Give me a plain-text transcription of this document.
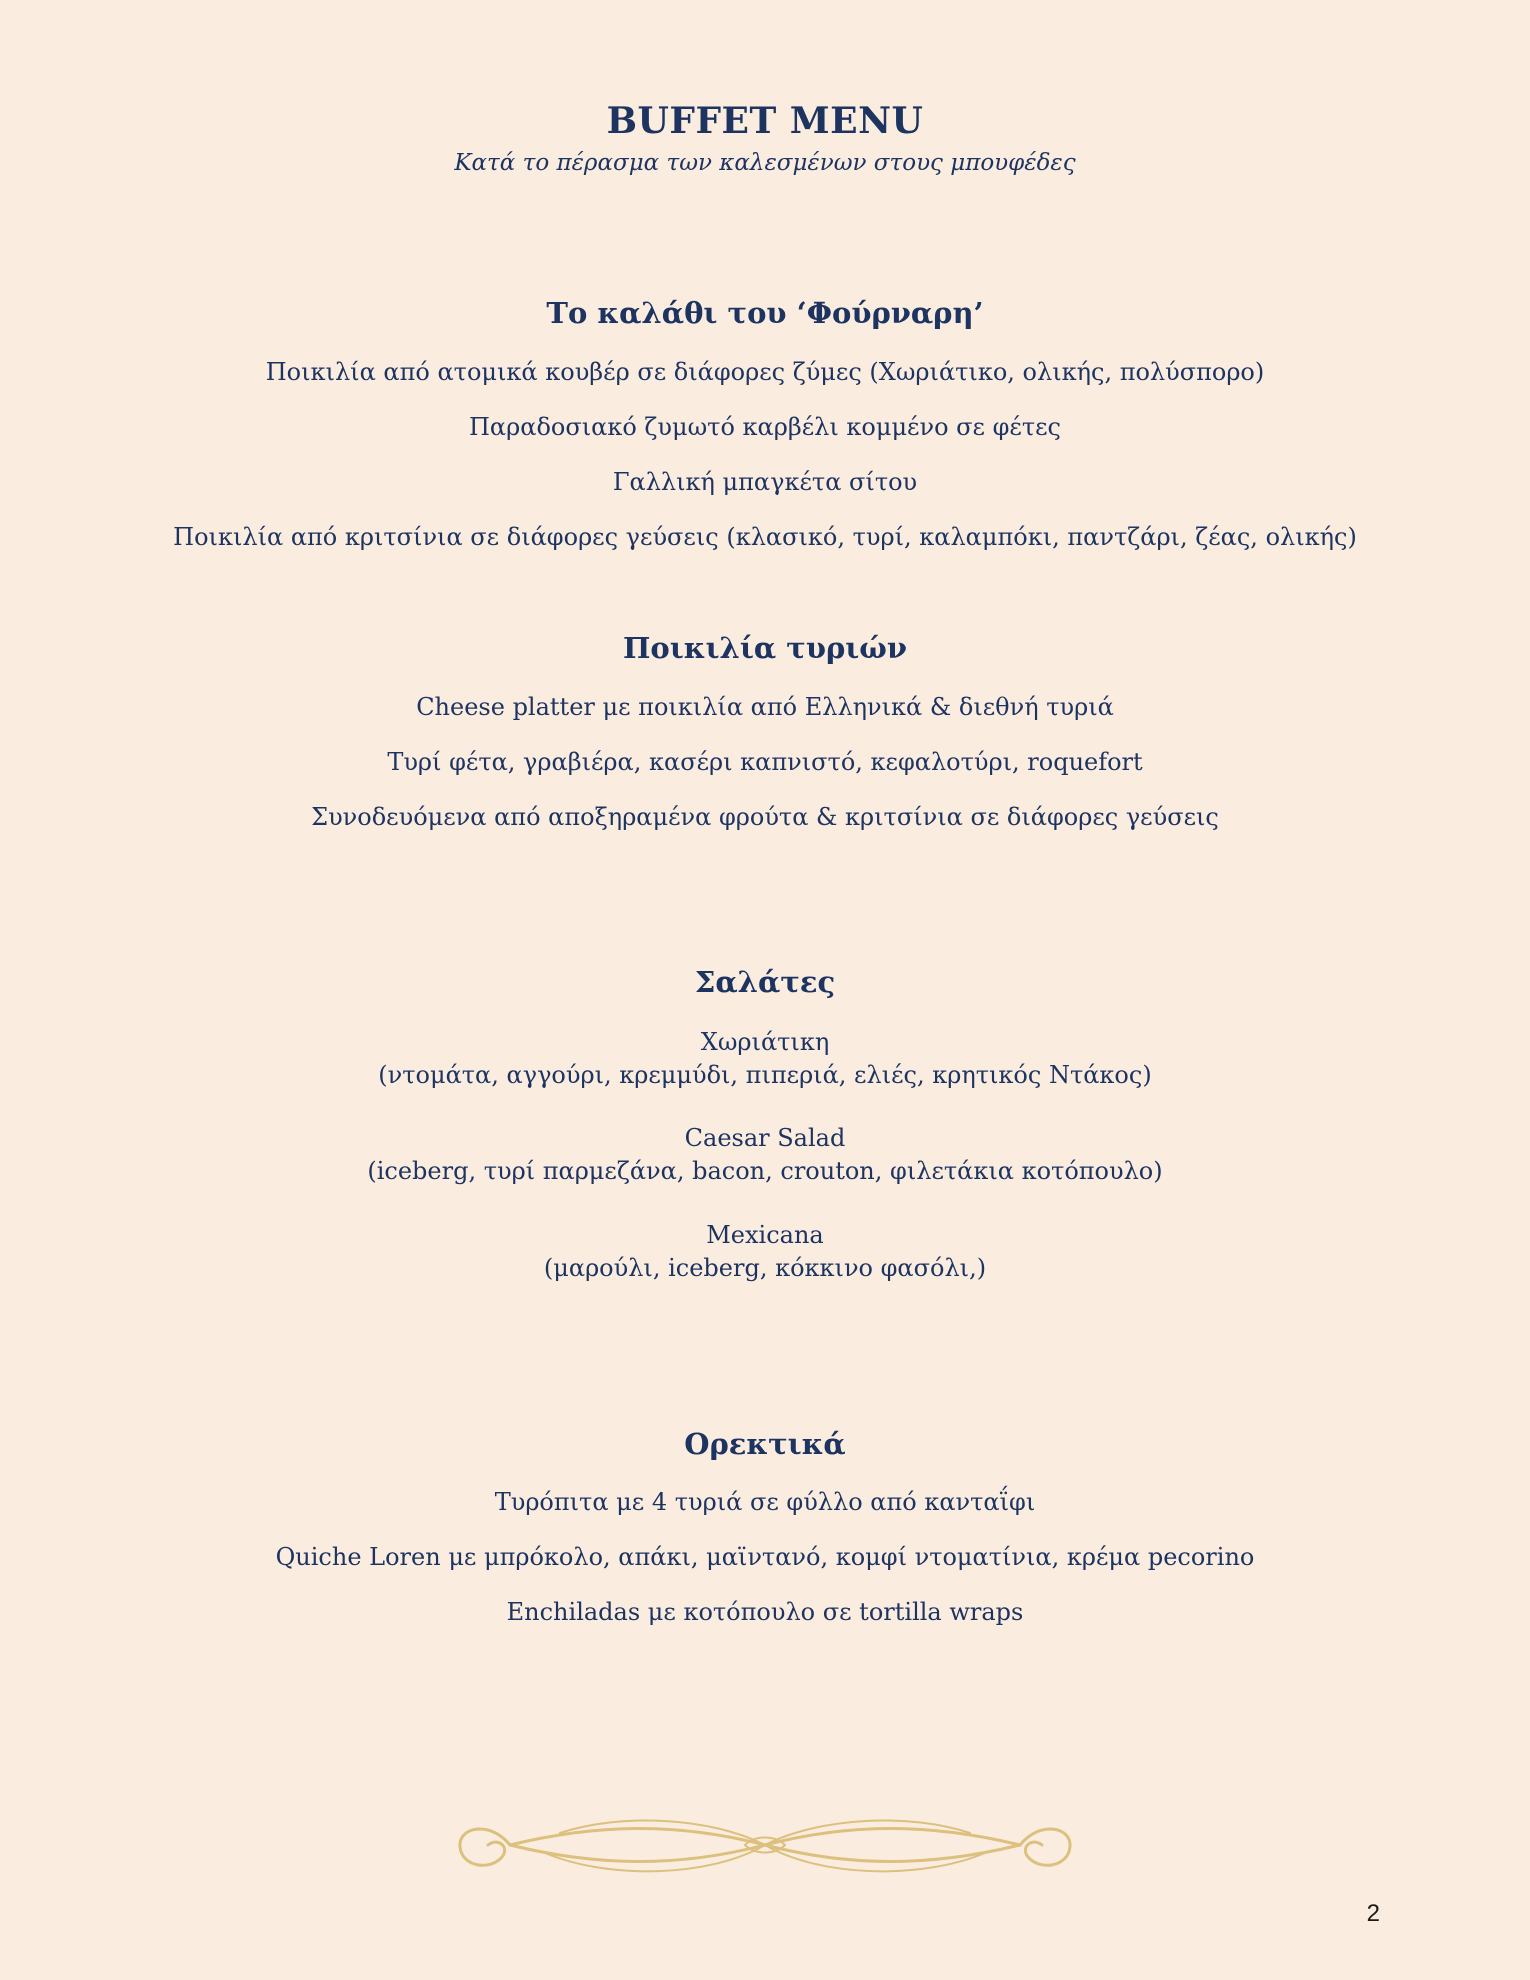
BUFFET MENU
Κατά το πέρασμα των καλεσμένων στους μπουφέδες
Το καλάθι του ‘Φούρναρη’
Ποικιλία από ατομικά κουβέρ σε διάφορες ζύμες (Χωριάτικο, ολικής, πολύσπορο)
Παραδοσιακό ζυμωτό καρβέλι κομμένο σε φέτες
Γαλλική μπαγκέτα σίτου
Ποικιλία από κριτσίνια σε διάφορες γεύσεις (κλασικό, τυρί, καλαμπόκι, παντζάρι, ζέας, ολικής)
Ποικιλία τυριών
Cheese platter με ποικιλία από Ελληνικά & διεθνή τυριά
Τυρί φέτα, γραβιέρα, κασέρι καπνιστό, κεφαλοτύρι, roquefort
Συνοδευόμενα από αποξηραμένα φρούτα & κριτσίνια σε διάφορες γεύσεις
Σαλάτες
Χωριάτικη
(ντομάτα, αγγούρι, κρεμμύδι, πιπεριά, ελιές, κρητικός Ντάκος)
Caesar Salad
(iceberg, τυρί παρμεζάνα, bacon, crouton, φιλετάκια κοτόπουλο)
Mexicana
(μαρούλι, iceberg, κόκκινο φασόλι,)
Ορεκτικά
Τυρόπιτα με 4 τυριά σε φύλλο από κανταΐφι
Quiche Loren με μπρόκολο, απάκι, μαϊντανό, κομφί ντοματίνια, κρέμα pecorino
Enchiladas με κοτόπουλο σε tortilla wraps
2
